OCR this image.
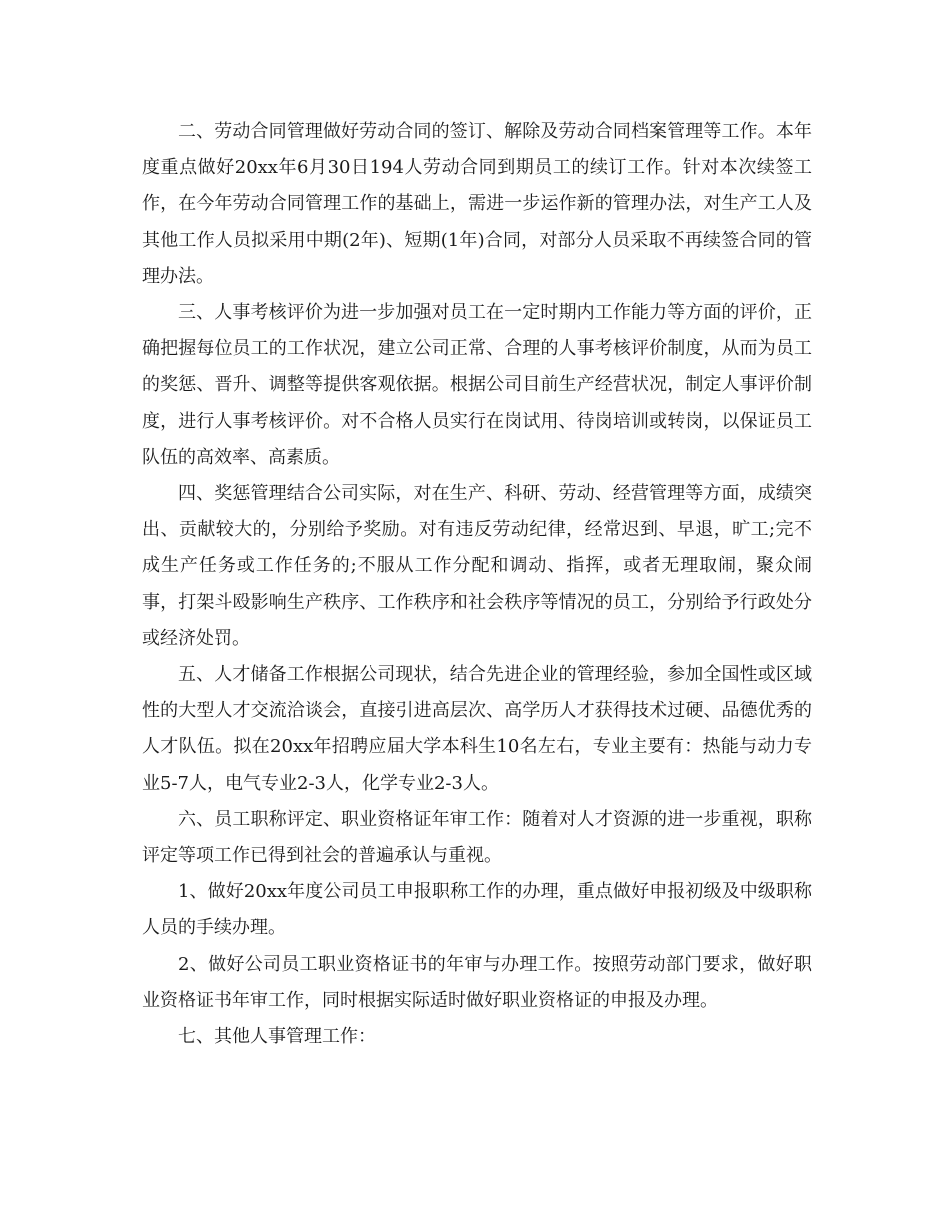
二、劳动合同管理做好劳动合同的签订、解除及劳动合同档案管理等工作。本年度重点做好20xx年6月30日194人劳动合同到期员工的续订工作。针对本次续签工作，在今年劳动合同管理工作的基础上，需进一步运作新的管理办法，对生产工人及其他工作人员拟采用中期(2年)、短期(1年)合同，对部分人员采取不再续签合同的管理办法。

三、人事考核评价为进一步加强对员工在一定时期内工作能力等方面的评价，正确把握每位员工的工作状况，建立公司正常、合理的人事考核评价制度，从而为员工的奖惩、晋升、调整等提供客观依据。根据公司目前生产经营状况，制定人事评价制度，进行人事考核评价。对不合格人员实行在岗试用、待岗培训或转岗，以保证员工队伍的高效率、高素质。

四、奖惩管理结合公司实际，对在生产、科研、劳动、经营管理等方面，成绩突出、贡献较大的，分别给予奖励。对有违反劳动纪律，经常迟到、早退，旷工;完不成生产任务或工作任务的;不服从工作分配和调动、指挥，或者无理取闹，聚众闹事，打架斗殴影响生产秩序、工作秩序和社会秩序等情况的员工，分别给予行政处分或经济处罚。

五、人才储备工作根据公司现状，结合先进企业的管理经验，参加全国性或区域性的大型人才交流洽谈会，直接引进高层次、高学历人才获得技术过硬、品德优秀的人才队伍。拟在20xx年招聘应届大学本科生10名左右，专业主要有：热能与动力专业5-7人，电气专业2-3人，化学专业2-3人。

六、员工职称评定、职业资格证年审工作：随着对人才资源的进一步重视，职称评定等项工作已得到社会的普遍承认与重视。

1、做好20xx年度公司员工申报职称工作的办理，重点做好申报初级及中级职称人员的手续办理。

2、做好公司员工职业资格证书的年审与办理工作。按照劳动部门要求，做好职业资格证书年审工作，同时根据实际适时做好职业资格证的申报及办理。

七、其他人事管理工作：
